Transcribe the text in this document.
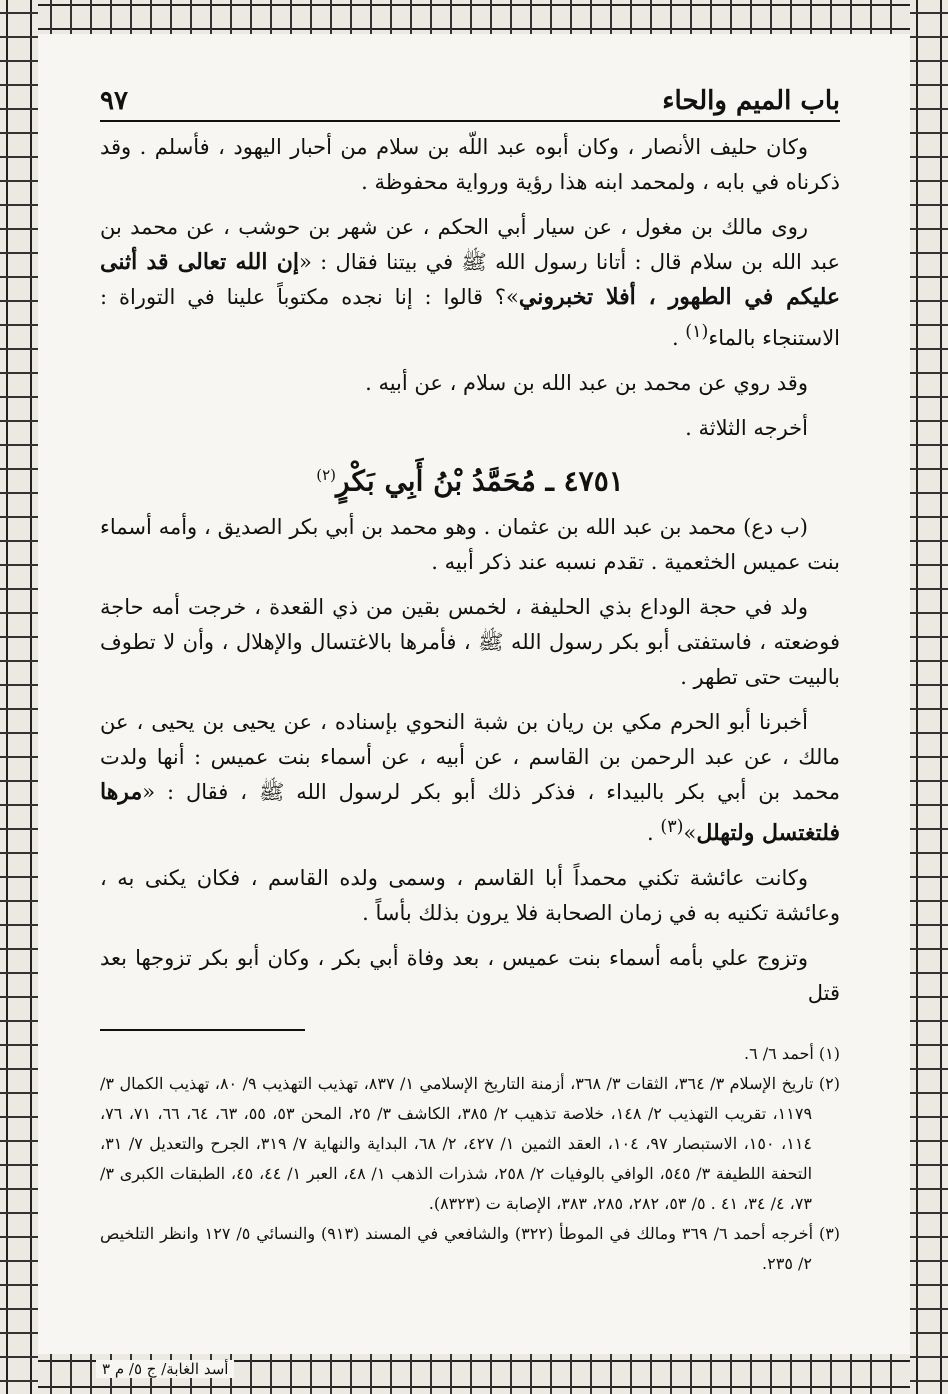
باب الميم والحاء
٩٧

وكان حليف الأنصار ، وكان أبوه عبد اللّه بن سلام من أحبار اليهود ، فأسلم . وقد ذكرناه في بابه ، ولمحمد ابنه هذا رؤية ورواية محفوظة .

روى مالك بن مغول ، عن سيار أبي الحكم ، عن شهر بن حوشب ، عن محمد بن عبد الله بن سلام قال : أتانا رسول الله ﷺ في بيتنا فقال : «إن الله تعالى قد أثنى عليكم في الطهور ، أفلا تخبروني»؟ قالوا : إنا نجده مكتوباً علينا في التوراة : الاستنجاء بالماء$^{(١)}$ .

وقد روي عن محمد بن عبد الله بن سلام ، عن أبيه .

أخرجه الثلاثة .

٤٧٥١ ـ مُحَمَّدُ بْنُ أَبِي بَكْرٍ$^{(٢)}$

(ب دع) محمد بن عبد الله بن عثمان . وهو محمد بن أبي بكر الصديق ، وأمه أسماء بنت عميس الخثعمية . تقدم نسبه عند ذكر أبيه .

ولد في حجة الوداع بذي الحليفة ، لخمس بقين من ذي القعدة ، خرجت أمه حاجة فوضعته ، فاستفتى أبو بكر رسول الله ﷺ ، فأمرها بالاغتسال والإهلال ، وأن لا تطوف بالبيت حتى تطهر .

أخبرنا أبو الحرم مكي بن ريان بن شبة النحوي بإسناده ، عن يحيى بن يحيى ، عن مالك ، عن عبد الرحمن بن القاسم ، عن أبيه ، عن أسماء بنت عميس : أنها ولدت محمد بن أبي بكر بالبيداء ، فذكر ذلك أبو بكر لرسول الله ﷺ ، فقال : «مرها فلتغتسل ولتهلل»$^{(٣)}$ .

وكانت عائشة تكني محمداً أبا القاسم ، وسمى ولده القاسم ، فكان يكنى به ، وعائشة تكنيه به في زمان الصحابة فلا يرون بذلك بأساً .

وتزوج علي بأمه أسماء بنت عميس ، بعد وفاة أبي بكر ، وكان أبو بكر تزوجها بعد قتل

(١) أحمد ٦/ ٦.

(٢) تاريخ الإسلام ٣/ ٣٦٤، الثقات ٣/ ٣٦٨، أزمنة التاريخ الإسلامي ١/ ٨٣٧، تهذيب التهذيب ٩/ ٨٠، تهذيب الكمال ٣/ ١١٧٩، تقريب التهذيب ٢/ ١٤٨، خلاصة تذهيب ٢/ ٣٨٥، الكاشف ٣/ ٢٥، المحن ٥٣، ٥٥، ٦٣، ٦٤، ٦٦، ٧١، ٧٦، ١١٤، ١٥٠، الاستبصار ٩٧، ١٠٤، العقد الثمين ١/ ٤٢٧، ٢/ ٦٨، البداية والنهاية ٧/ ٣١٩، الجرح والتعديل ٧/ ٣١، التحفة اللطيفة ٣/ ٥٤٥، الوافي بالوفيات ٢/ ٢٥٨، شذرات الذهب ١/ ٤٨، العبر ١/ ٤٤، ٤٥، الطبقات الكبرى ٣/ ٧٣، ٤/ ٣٤، ٤١ . ٥/ ٥٣، ٢٨٢، ٢٨٥، ٣٨٣، الإصابة ت (٨٣٢٣).

(٣) أخرجه أحمد ٦/ ٣٦٩ ومالك في الموطأ (٣٢٢) والشافعي في المسند (٩١٣) والنسائي ٥/ ١٢٧ وانظر التلخيص ٢/ ٢٣٥.

أسد الغابة/ ج ٥/ م ٣
